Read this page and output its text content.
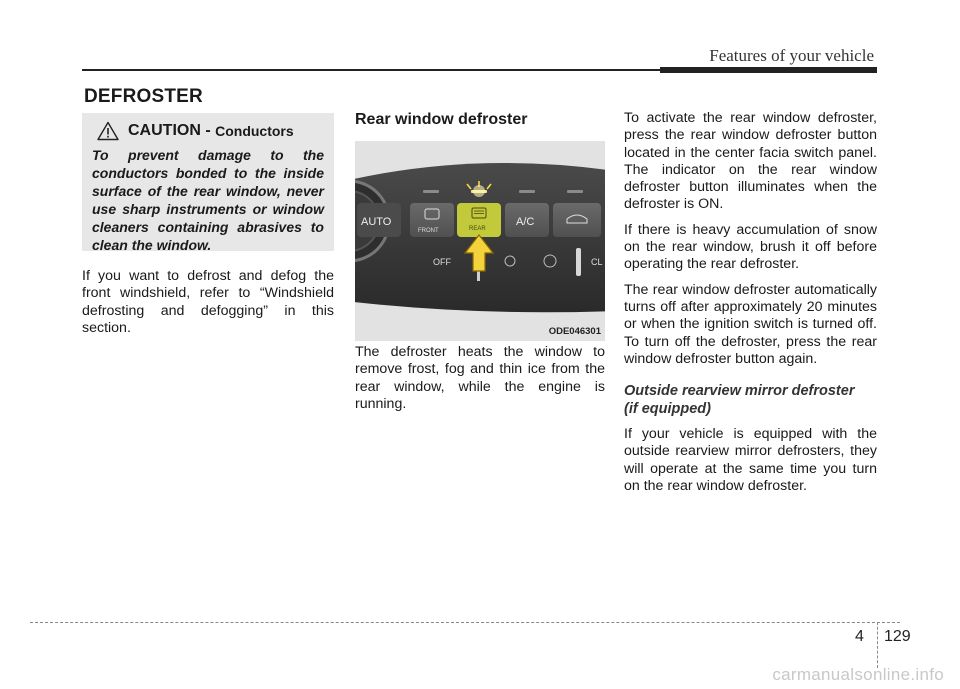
Features of your vehicle
DEFROSTER
CAUTION -
Conductors
To prevent damage to the conductors bonded to the inside surface of the rear window, never use sharp instruments or window cleaners containing abrasives to clean the window.

If you want to defrost and defog the front windshield, refer to “Windshield defrosting and defogging” in this section.

Rear window defroster
AUTO
FRONT	REAR
A/C
OFF	CL
ODE046301

The defroster heats the window to remove frost, fog and thin ice from the rear window, while the engine is running.

To activate the rear window defroster, press the rear window defroster button located in the center facia switch panel. The indicator on the rear window defroster button illuminates when the defroster is ON.

If there is heavy accumulation of snow on the rear window, brush it off before operating the rear defroster.

The rear window defroster automatically turns off after approximately 20 minutes or when the ignition switch is turned off. To turn off the defroster, press the rear window defroster button again.

Outside rearview mirror defroster
(if equipped)

If your vehicle is equipped with the outside rearview mirror defrosters, they will operate at the same time you turn on the rear window defroster.

4 129
carmanualsonline.info
